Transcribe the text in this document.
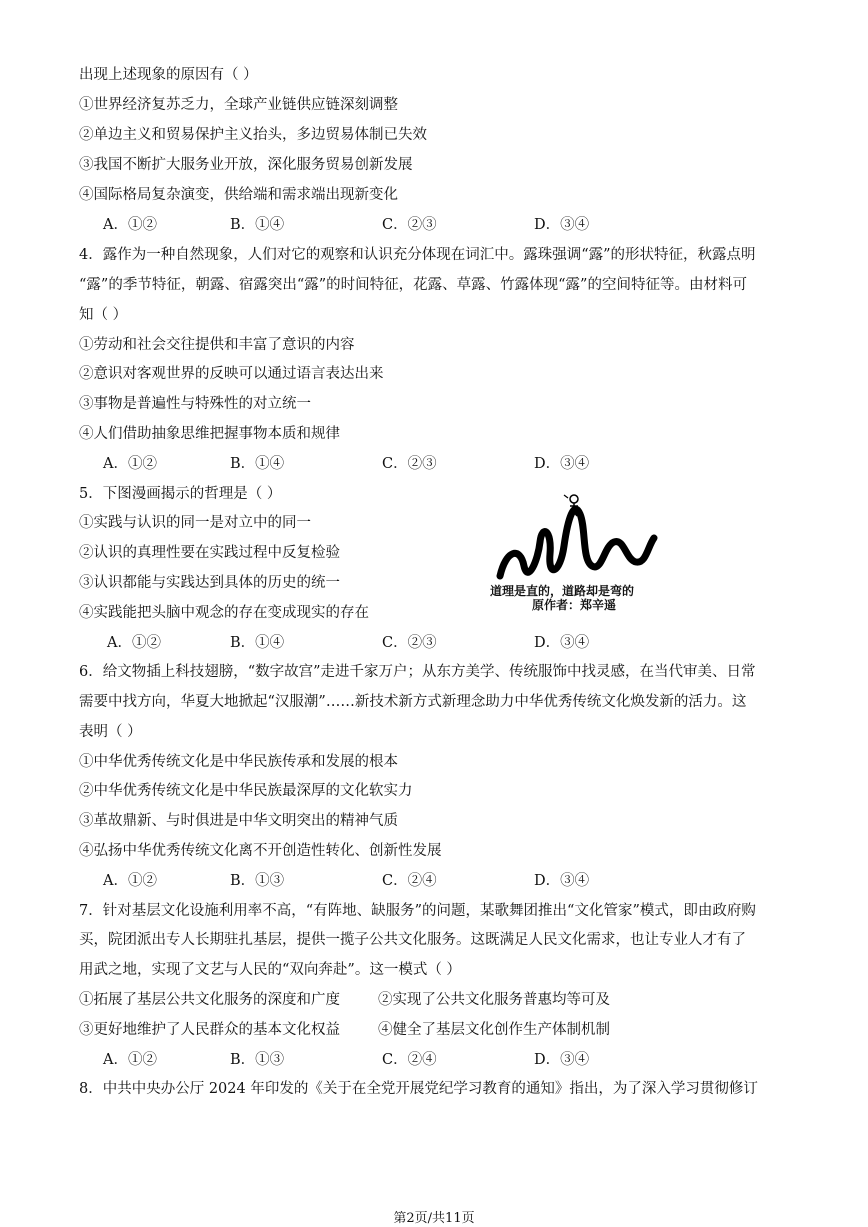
出现上述现象的原因有（ ）
①世界经济复苏乏力，全球产业链供应链深刻调整
②单边主义和贸易保护主义抬头，多边贸易体制已失效
③我国不断扩大服务业开放，深化服务贸易创新发展
④国际格局复杂演变，供给端和需求端出现新变化
A．①②	B．①④	C．②③	D．③④
4．露作为一种自然现象，人们对它的观察和认识充分体现在词汇中。露珠强调“露”的形状特征，秋露点明
“露”的季节特征，朝露、宿露突出“露”的时间特征，花露、草露、竹露体现“露”的空间特征等。由材料可
知（ ）
①劳动和社会交往提供和丰富了意识的内容
②意识对客观世界的反映可以通过语言表达出来
③事物是普遍性与特殊性的对立统一
④人们借助抽象思维把握事物本质和规律
A．①②	B．①④	C．②③	D．③④
5．下图漫画揭示的哲理是（ ）
①实践与认识的同一是对立中的同一
②认识的真理性要在实践过程中反复检验
③认识都能与实践达到具体的历史的统一
④实践能把头脑中观念的存在变成现实的存在
道理是直的，道路却是弯的
原作者：郑辛遥
A．①②	B．①④	C．②③	D．③④
6．给文物插上科技翅膀，“数字故宫”走进千家万户；从东方美学、传统服饰中找灵感，在当代审美、日常
需要中找方向，华夏大地掀起“汉服潮”……新技术新方式新理念助力中华优秀传统文化焕发新的活力。这
表明（ ）
①中华优秀传统文化是中华民族传承和发展的根本
②中华优秀传统文化是中华民族最深厚的文化软实力
③革故鼎新、与时俱进是中华文明突出的精神气质
④弘扬中华优秀传统文化离不开创造性转化、创新性发展
A．①②	B．①③	C．②④	D．③④
7．针对基层文化设施利用率不高，“有阵地、缺服务”的问题，某歌舞团推出“文化管家”模式，即由政府购
买，院团派出专人长期驻扎基层，提供一揽子公共文化服务。这既满足人民文化需求，也让专业人才有了
用武之地，实现了文艺与人民的“双向奔赴”。这一模式（ ）
①拓展了基层公共文化服务的深度和广度	②实现了公共文化服务普惠均等可及
③更好地维护了人民群众的基本文化权益	④健全了基层文化创作生产体制机制
A．①②	B．①③	C．②④	D．③④
8．中共中央办公厅 2024 年印发的《关于在全党开展党纪学习教育的通知》指出，为了深入学习贯彻修订
第2页/共11页
